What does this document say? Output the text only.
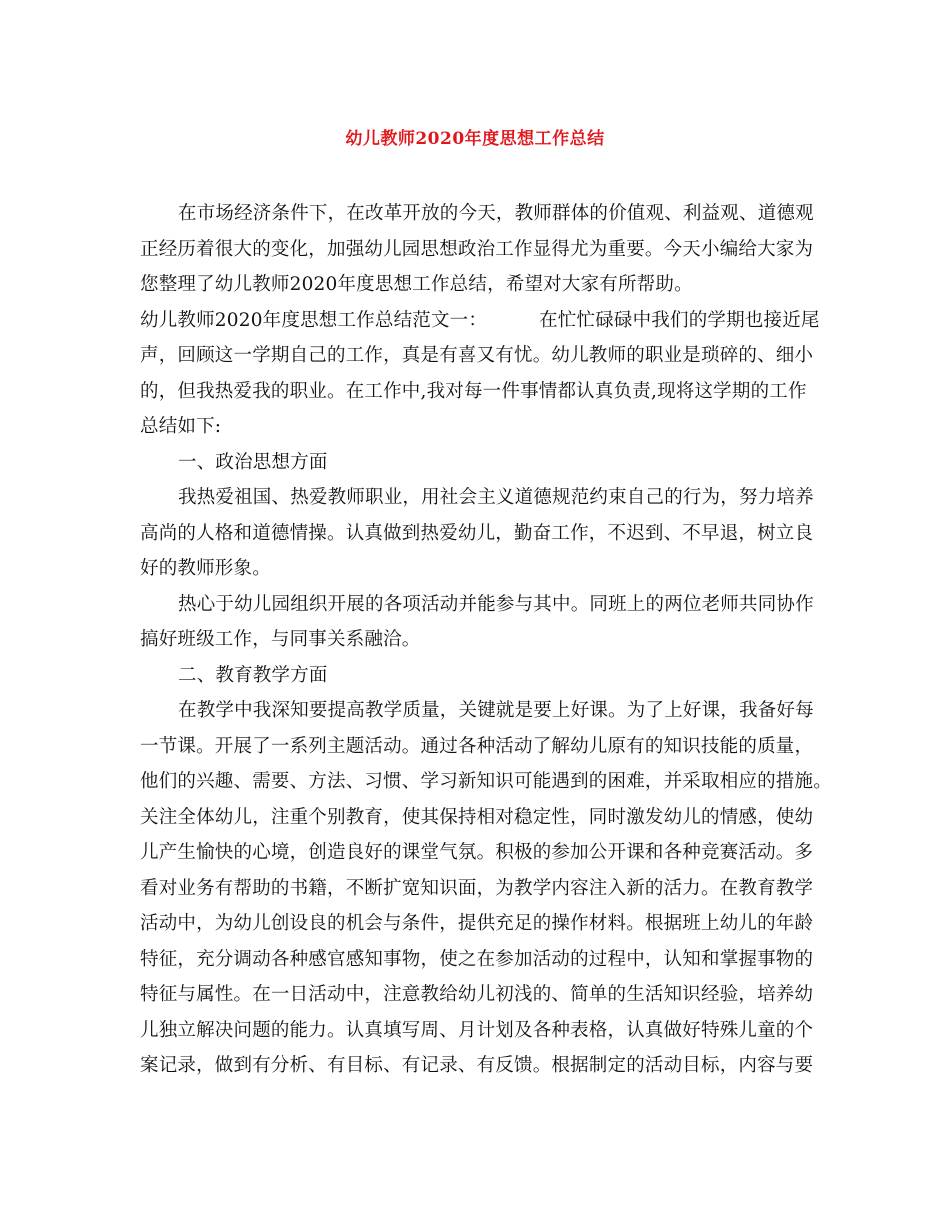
幼儿教师2020年度思想工作总结
在市场经济条件下，在改革开放的今天，教师群体的价值观、利益观、道德观
正经历着很大的变化，加强幼儿园思想政治工作显得尤为重要。今天小编给大家为
您整理了幼儿教师2020年度思想工作总结，希望对大家有所帮助。
幼儿教师2020年度思想工作总结范文一：	在忙忙碌碌中我们的学期也接近尾
声，回顾这一学期自己的工作，真是有喜又有忧。幼儿教师的职业是琐碎的、细小
的，但我热爱我的职业。在工作中,我对每一件事情都认真负责,现将这学期的工作
总结如下:
一、政治思想方面
我热爱祖国、热爱教师职业，用社会主义道德规范约束自己的行为，努力培养
高尚的人格和道德情操。认真做到热爱幼儿，勤奋工作，不迟到、不早退，树立良
好的教师形象。
热心于幼儿园组织开展的各项活动并能参与其中。同班上的两位老师共同协作
搞好班级工作，与同事关系融洽。
二、教育教学方面
在教学中我深知要提高教学质量，关键就是要上好课。为了上好课，我备好每
一节课。开展了一系列主题活动。通过各种活动了解幼儿原有的知识技能的质量，
他们的兴趣、需要、方法、习惯、学习新知识可能遇到的困难，并采取相应的措施。
关注全体幼儿，注重个别教育，使其保持相对稳定性，同时激发幼儿的情感，使幼
儿产生愉快的心境，创造良好的课堂气氛。积极的参加公开课和各种竞赛活动。多
看对业务有帮助的书籍，不断扩宽知识面，为教学内容注入新的活力。在教育教学
活动中，为幼儿创设良的机会与条件，提供充足的操作材料。根据班上幼儿的年龄
特征，充分调动各种感官感知事物，使之在参加活动的过程中，认知和掌握事物的
特征与属性。在一日活动中，注意教给幼儿初浅的、简单的生活知识经验，培养幼
儿独立解决问题的能力。认真填写周、月计划及各种表格，认真做好特殊儿童的个
案记录，做到有分析、有目标、有记录、有反馈。根据制定的活动目标，内容与要
